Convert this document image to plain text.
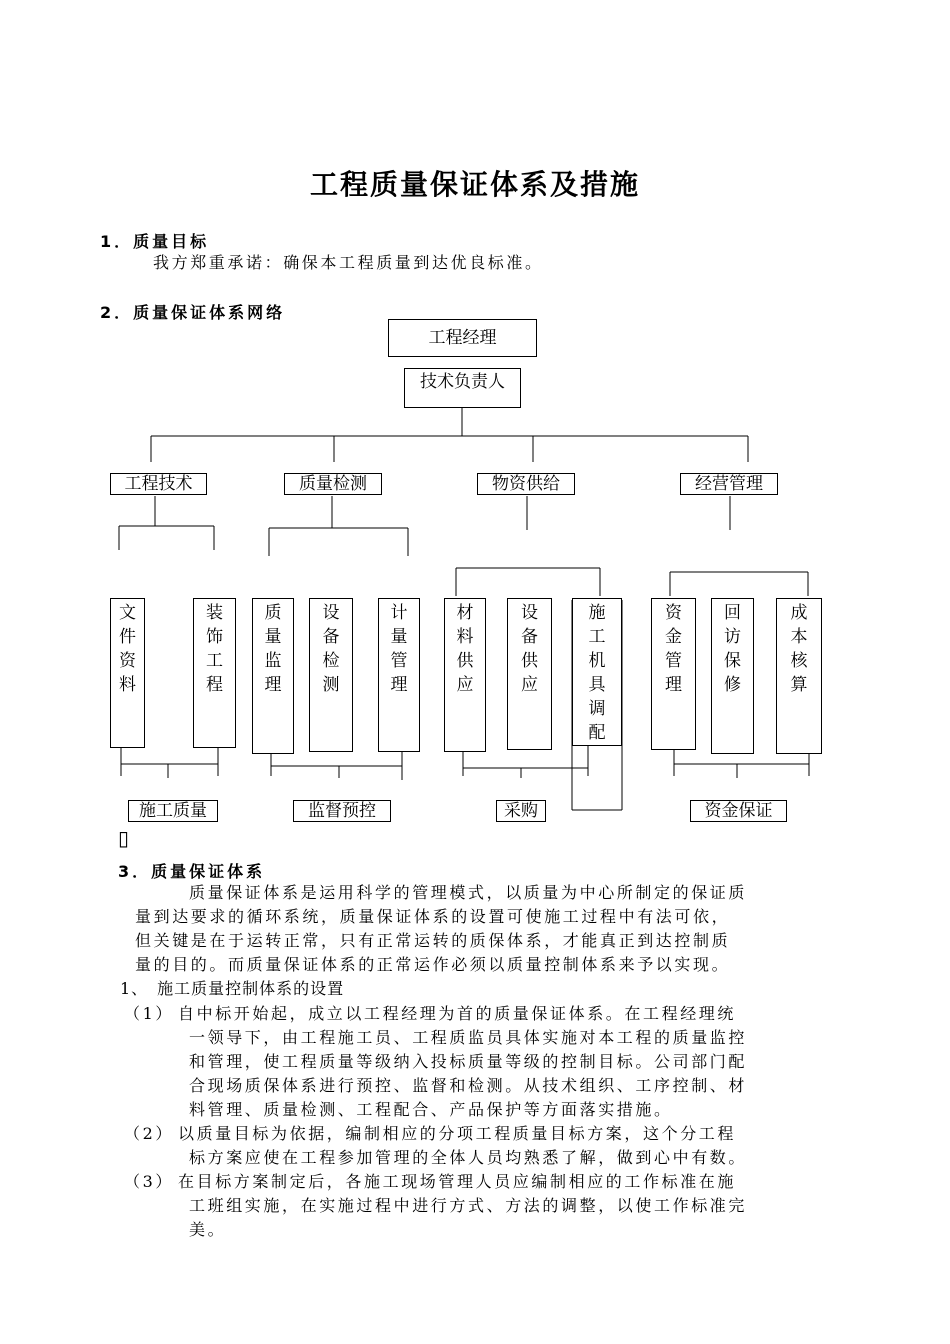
工程质量保证体系及措施
1．质量目标
我方郑重承诺：确保本工程质量到达优良标准。
2．质量保证体系网络
工程经理
技术负责人
工程技术	质量检测	物资供给	经营管理
文件资料
装饰工程
质量监理
设备检测
计量管理
材料供应
设备供应
施工机具调配
资金管理
回访保修
成本核算
施工质量	监督预控	采购	资金保证
▯
3．质量保证体系
质量保证体系是运用科学的管理模式，以质量为中心所制定的保证质
量到达要求的循环系统，质量保证体系的设置可使施工过程中有法可依，
但关键是在于运转正常，只有正常运转的质保体系，才能真正到达控制质
量的目的。而质量保证体系的正常运作必须以质量控制体系来予以实现。
1、　施工质量控制体系的设置
（1） 自中标开始起，成立以工程经理为首的质量保证体系。在工程经理统
一领导下，由工程施工员、工程质监员具体实施对本工程的质量监控
和管理，使工程质量等级纳入投标质量等级的控制目标。公司部门配
合现场质保体系进行预控、监督和检测。从技术组织、工序控制、材
料管理、质量检测、工程配合、产品保护等方面落实措施。
（2） 以质量目标为依据，编制相应的分项工程质量目标方案，这个分工程
标方案应使在工程参加管理的全体人员均熟悉了解，做到心中有数。
（3） 在目标方案制定后，各施工现场管理人员应编制相应的工作标准在施
工班组实施，在实施过程中进行方式、方法的调整，以使工作标准完
美。
